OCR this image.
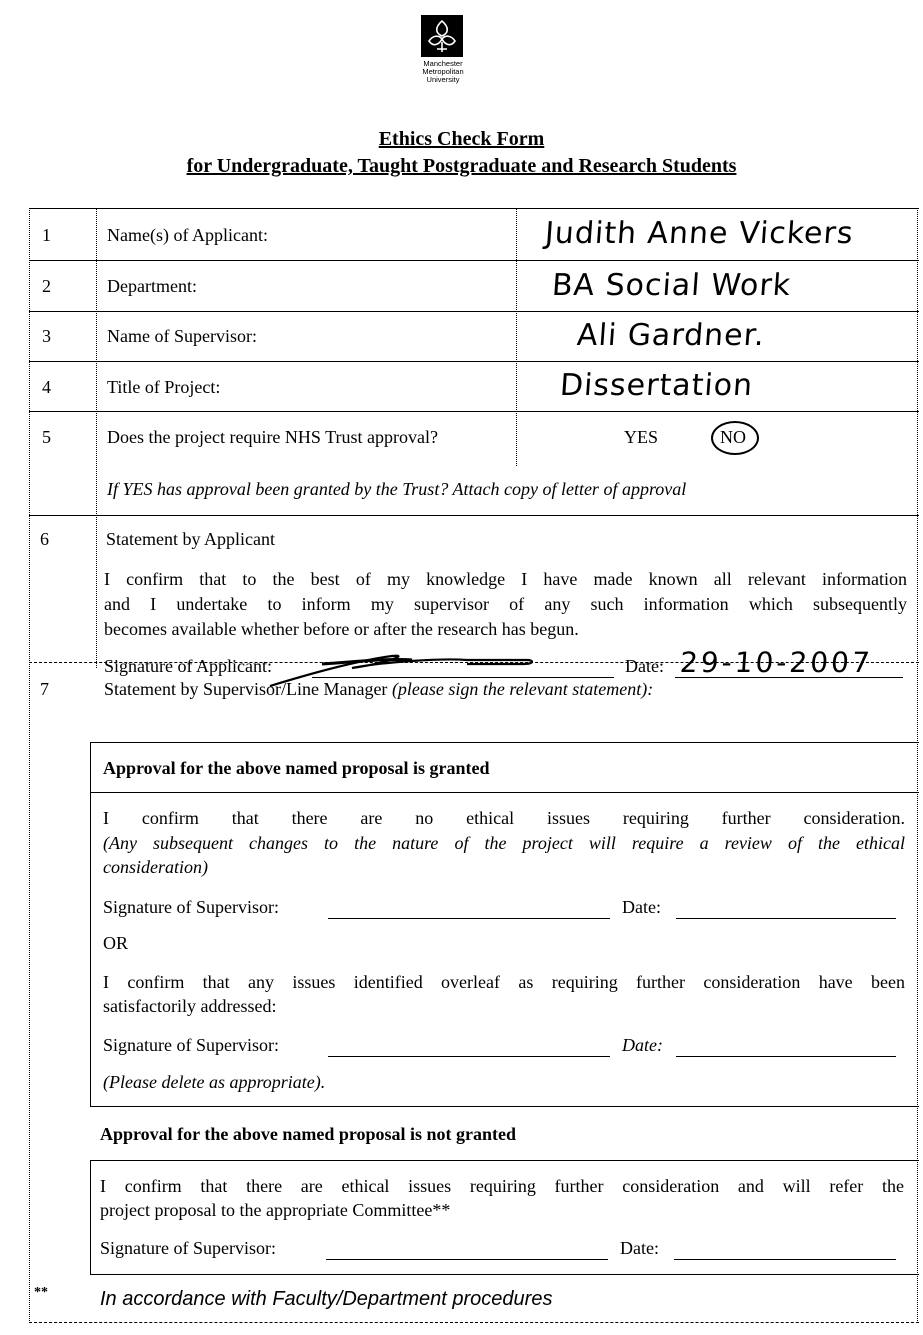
Manchester
Metropolitan
University
Ethics Check Form
for Undergraduate, Taught Postgraduate and Research Students
1	Name(s) of Applicant:	Judith Anne Vickers
2	Department:	BA Social Work
3	Name of Supervisor:	Ali Gardner.
4	Title of Project:	Dissertation
5	Does the project require NHS Trust approval?	YES	NO
If YES has approval been granted by the Trust? Attach copy of letter of approval
6	Statement by Applicant
I confirm that to the best of my knowledge I have made known all relevant information
and I undertake to inform my supervisor of any such information which subsequently
becomes available whether before or after the research has begun.
Signature of Applicant:	Date: 29-10-2007
7	Statement by Supervisor/Line Manager (please sign the relevant statement):
Approval for the above named proposal is granted
I confirm that there are no ethical issues requiring further consideration.
(Any subsequent changes to the nature of the project will require a review of the ethical
consideration)
Signature of Supervisor:	Date:
OR
I confirm that any issues identified overleaf as requiring further consideration have been
satisfactorily addressed:
Signature of Supervisor:	Date:
(Please delete as appropriate).
Approval for the above named proposal is not granted
I confirm that there are ethical issues requiring further consideration and will refer the
project proposal to the appropriate Committee**
Signature of Supervisor:	Date:
**	In accordance with Faculty/Department procedures
